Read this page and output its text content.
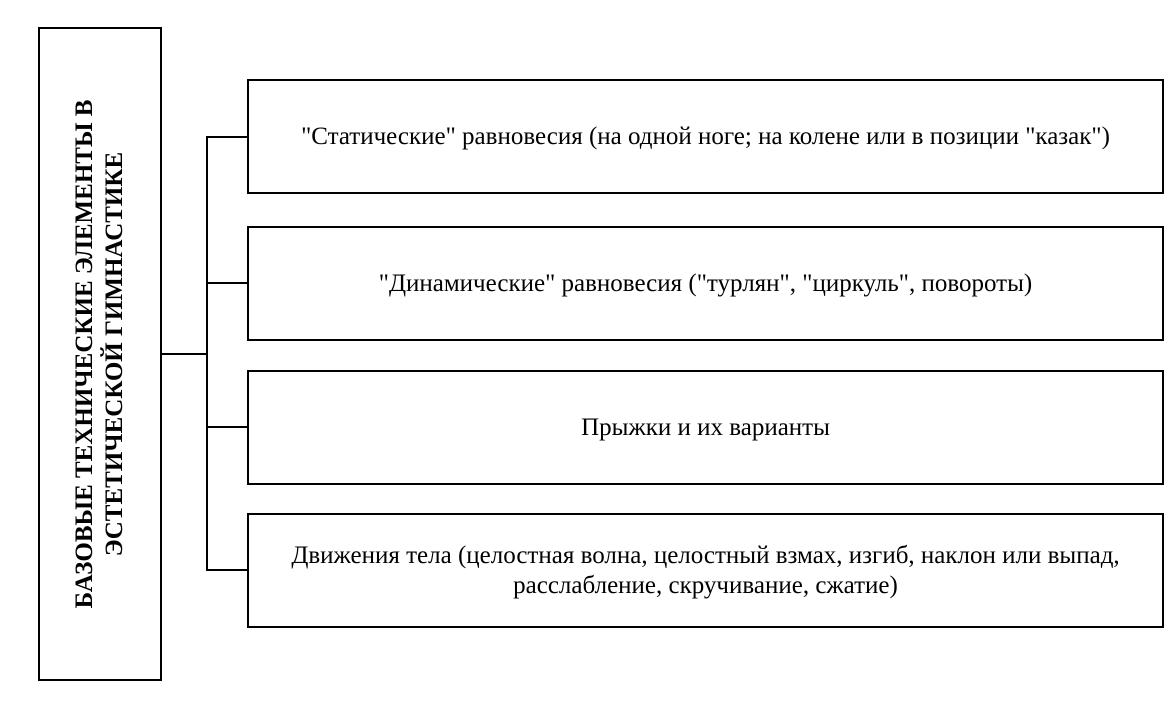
БАЗОВЫЕ ТЕХНИЧЕСКИЕ ЭЛЕМЕНТЫ В ЭСТЕТИЧЕСКОЙ ГИМНАСТИКЕ
"Статические" равновесия (на одной ноге; на колене или в позиции "казак")
"Динамические" равновесия ("турлян", "циркуль", повороты)
Прыжки и их варианты
Движения тела (целостная волна, целостный взмах, изгиб, наклон или выпад, расслабление, скручивание, сжатие)
